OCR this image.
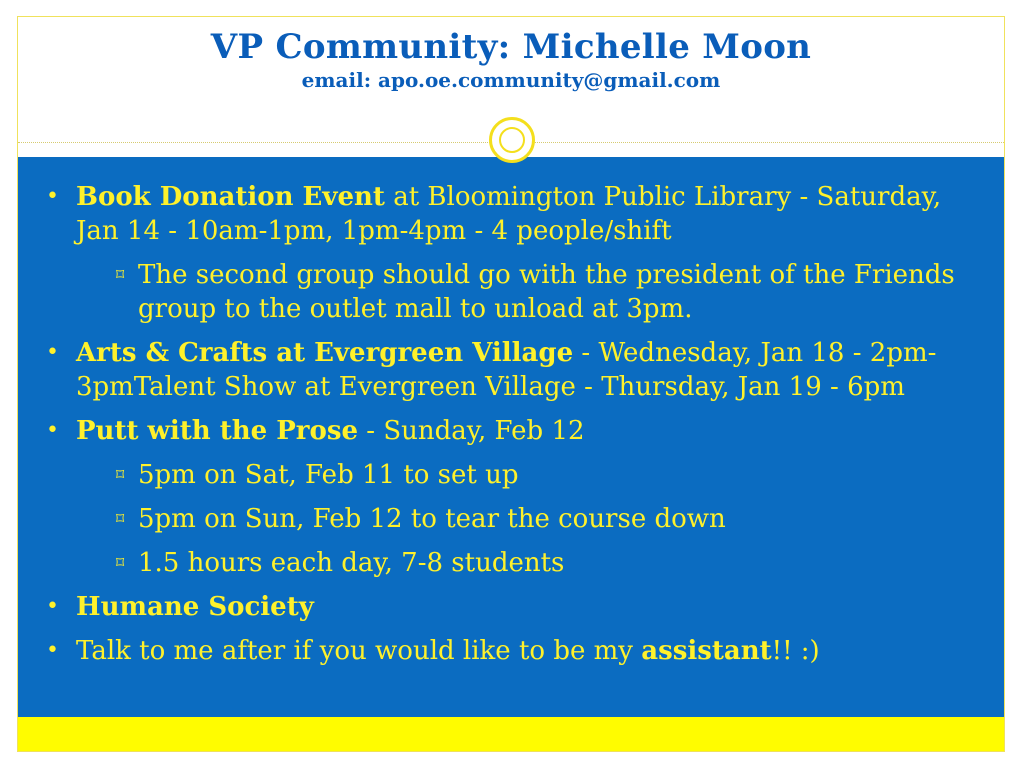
VP Community: Michelle Moon

email: apo.oe.community@gmail.com

• Book Donation Event at Bloomington Public Library - Saturday, Jan 14 - 10am-1pm, 1pm-4pm - 4 people/shift
⌑ The second group should go with the president of the Friends group to the outlet mall to unload at 3pm.
• Arts & Crafts at Evergreen Village - Wednesday, Jan 18 - 2pm-3pmTalent Show at Evergreen Village - Thursday, Jan 19 - 6pm
• Putt with the Prose - Sunday, Feb 12
⌑ 5pm on Sat, Feb 11 to set up
⌑ 5pm on Sun, Feb 12 to tear the course down
⌑ 1.5 hours each day, 7-8 students
• Humane Society
• Talk to me after if you would like to be my assistant!! :)
